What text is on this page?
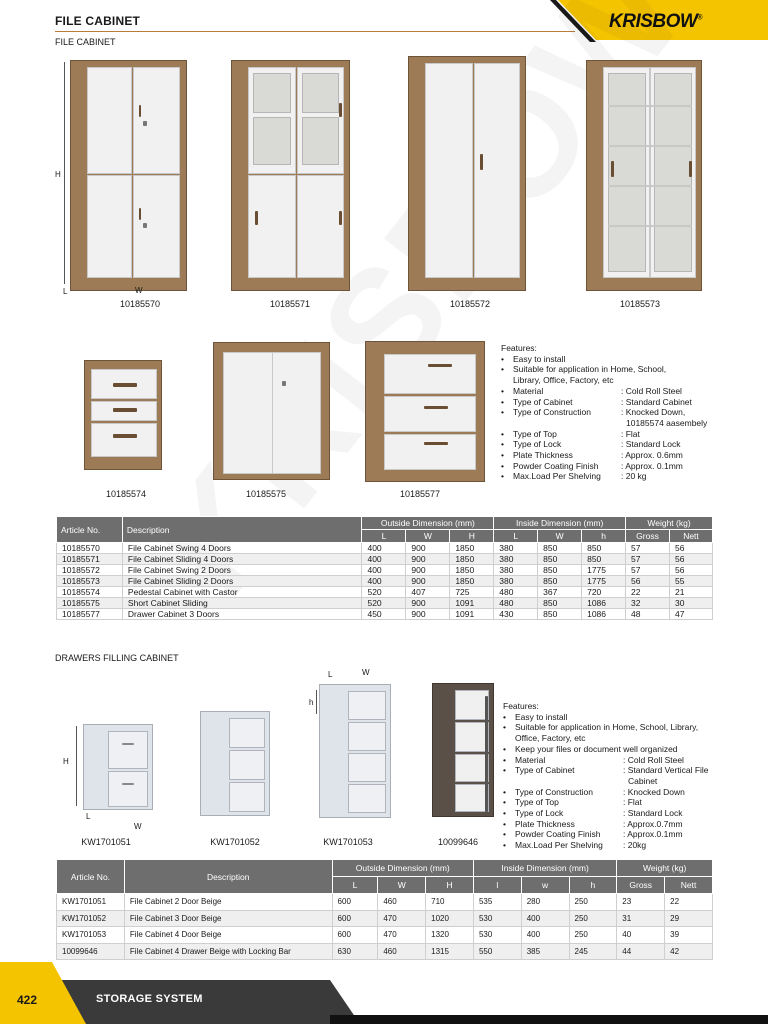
KRISBOW®
FILE CABINET
FILE CABINET
H
L	W
10185570	10185571	10185572	10185573
10185574	10185575	10185577
Features:
•	Easy to install
•	Suitable for application in Home, School,
Library, Office, Factory, etc
•	Material	: Cold Roll Steel
•	Type of Cabinet	: Standard Cabinet
•	Type of Construction	: Knocked Down,
10185574 aasembely
•	Type of Top	: Flat
•	Type of Lock	: Standard Lock
•	Plate Thickness	: Approx. 0.6mm
•	Powder Coating Finish	: Approx. 0.1mm
•	Max.Load Per Shelving	: 20 kg
Article No.	Description	Outside Dimension (mm)			Inside Dimension (mm)			Weight (kg)	
		L	W	H	L	W	h	Gross	Nett
10185570	File Cabinet Swing 4 Doors	400	900	1850	380	850	850	57	56
10185571	File Cabinet Sliding 4 Doors	400	900	1850	380	850	850	57	56
10185572	File Cabinet Swing 2 Doors	400	900	1850	380	850	1775	57	56
10185573	File Cabinet Sliding 2 Doors	400	900	1850	380	850	1775	56	55
10185574	Pedestal Cabinet with Castor	520	407	725	480	367	720	22	21
10185575	Short Cabinet Sliding	520	900	1091	480	850	1086	32	30
10185577	Drawer Cabinet 3 Doors	450	900	1091	430	850	1086	48	47
DRAWERS FILLING CABINET
H
L
W
KW1701051	KW1701052
L	W
h
KW1701053	10099646
Features:
•	Easy to install
•	Suitable for application in Home, School, Library,
Office, Factory, etc
•	Keep your files or document well organized
•	Material	: Cold Roll Steel
•	Type of Cabinet	: Standard Vertical File
Cabinet
•	Type of Construction	: Knocked Down
•	Type of Top	: Flat
•	Type of Lock	: Standard Lock
•	Plate Thickness	: Approx.0.7mm
•	Powder Coating Finish	: Approx.0.1mm
•	Max.Load Per Shelving	: 20kg
Article No.	Description	Outside Dimension (mm)			Inside Dimension (mm)			Weight (kg)	
		L	W	H	l	w	h	Gross	Nett
KW1701051	File Cabinet 2 Door Beige	600	460	710	535	280	250	23	22
KW1701052	File Cabinet 3 Door Beige	600	470	1020	530	400	250	31	29
KW1701053	File Cabinet 4 Door Beige	600	470	1320	530	400	250	40	39
10099646	File Cabinet 4 Drawer Beige with Locking Bar	630	460	1315	550	385	245	44	42
422	STORAGE SYSTEM
